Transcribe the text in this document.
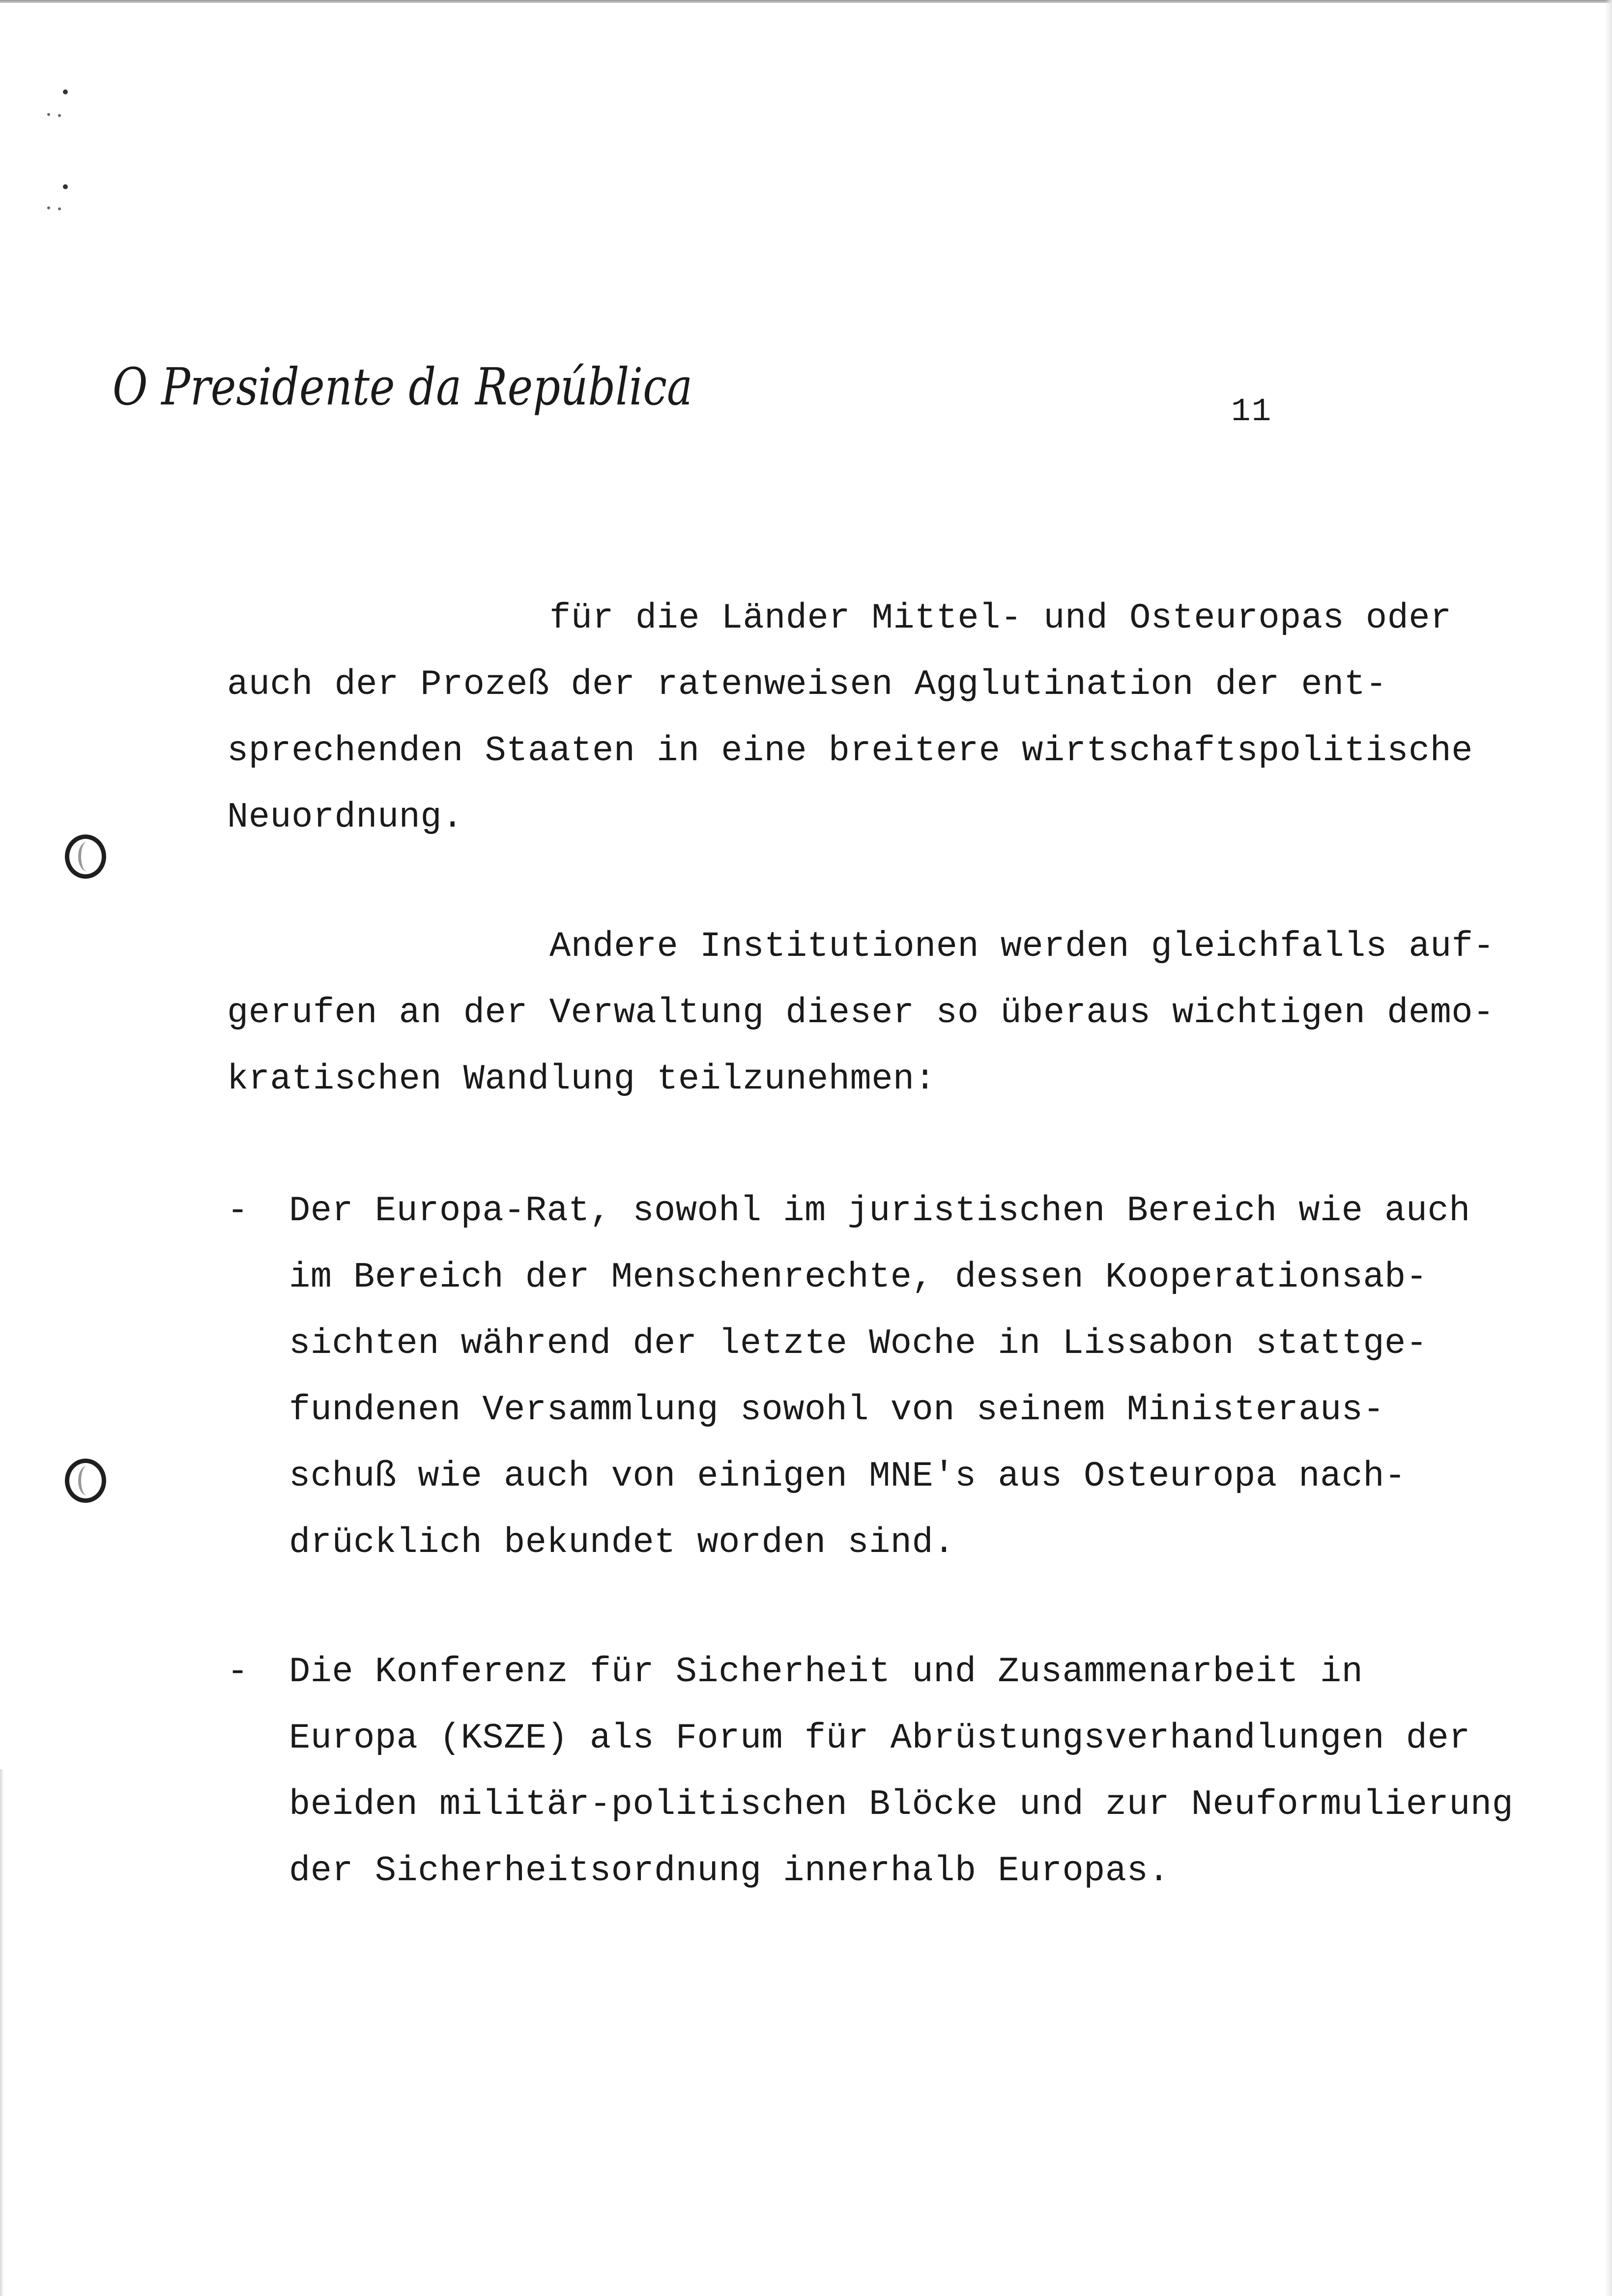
O Presidente da República	11
für die Länder Mittel- und Osteuropas oder
auch der Prozeß der ratenweisen Agglutination der ent-
sprechenden Staaten in eine breitere wirtschaftspolitische
Neuordnung.
Andere Institutionen werden gleichfalls auf-
gerufen an der Verwaltung dieser so überaus wichtigen demo-
kratischen Wandlung teilzunehmen:
- Der Europa-Rat, sowohl im juristischen Bereich wie auch
im Bereich der Menschenrechte, dessen Kooperationsab-
sichten während der letzte Woche in Lissabon stattge-
fundenen Versammlung sowohl von seinem Ministeraus-
schuß wie auch von einigen MNE's aus Osteuropa nach-
drücklich bekundet worden sind.
- Die Konferenz für Sicherheit und Zusammenarbeit in
Europa (KSZE) als Forum für Abrüstungsverhandlungen der
beiden militär-politischen Blöcke und zur Neuformulierung
der Sicherheitsordnung innerhalb Europas.
